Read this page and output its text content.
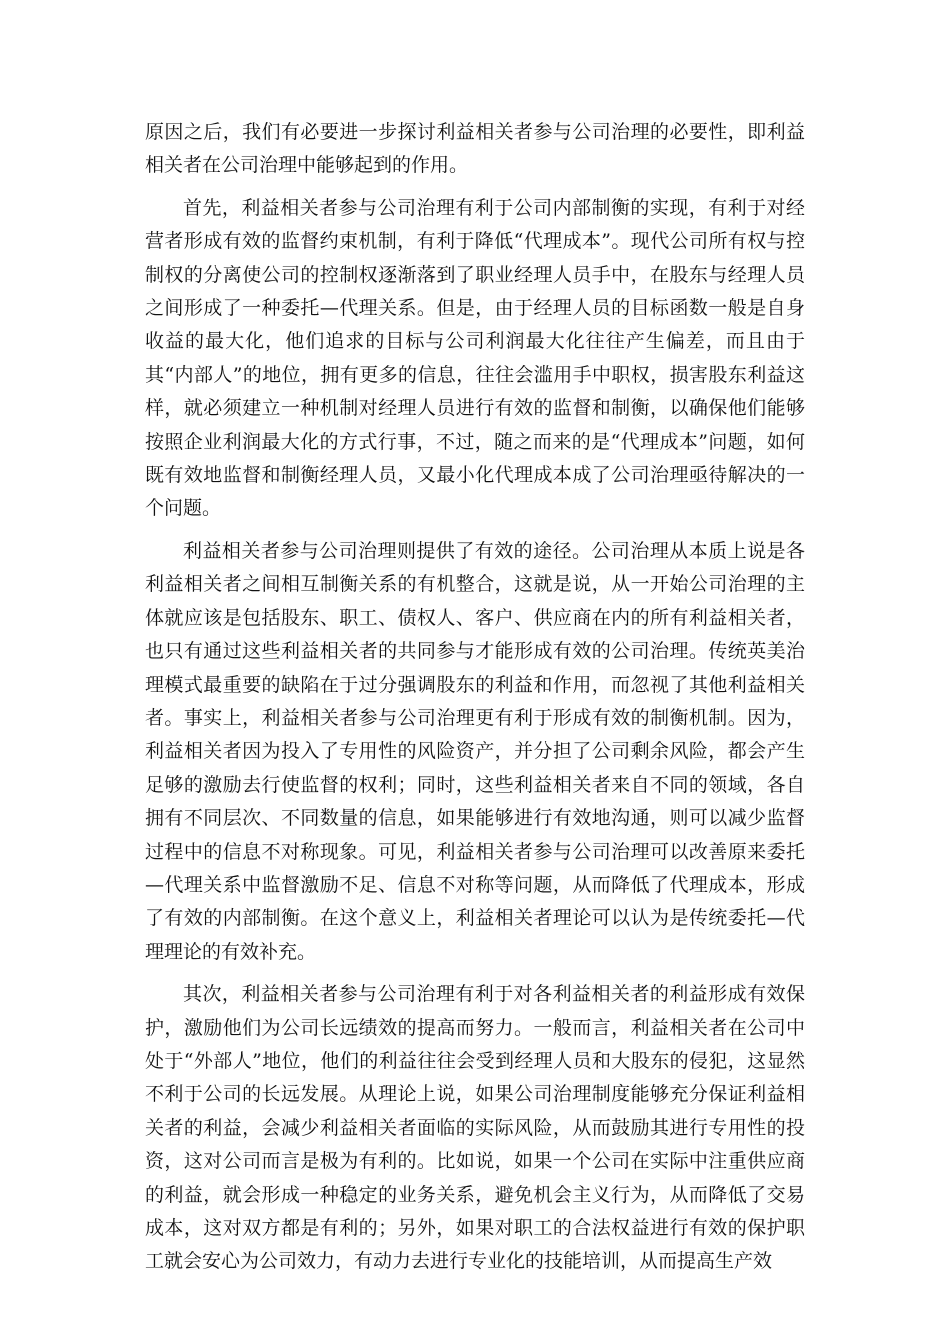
原因之后，我们有必要进一步探讨利益相关者参与公司治理的必要性，即利益相关者在公司治理中能够起到的作用。

首先，利益相关者参与公司治理有利于公司内部制衡的实现，有利于对经营者形成有效的监督约束机制，有利于降低“代理成本”。现代公司所有权与控制权的分离使公司的控制权逐渐落到了职业经理人员手中，在股东与经理人员之间形成了一种委托—代理关系。但是，由于经理人员的目标函数一般是自身收益的最大化，他们追求的目标与公司利润最大化往往产生偏差，而且由于其“内部人”的地位，拥有更多的信息，往往会滥用手中职权，损害股东利益这样，就必须建立一种机制对经理人员进行有效的监督和制衡，以确保他们能够按照企业利润最大化的方式行事，不过，随之而来的是“代理成本”问题，如何既有效地监督和制衡经理人员，又最小化代理成本成了公司治理亟待解决的一个问题。

利益相关者参与公司治理则提供了有效的途径。公司治理从本质上说是各利益相关者之间相互制衡关系的有机整合，这就是说，从一开始公司治理的主体就应该是包括股东、职工、债权人、客户、供应商在内的所有利益相关者，也只有通过这些利益相关者的共同参与才能形成有效的公司治理。传统英美治理模式最重要的缺陷在于过分强调股东的利益和作用，而忽视了其他利益相关者。事实上，利益相关者参与公司治理更有利于形成有效的制衡机制。因为，利益相关者因为投入了专用性的风险资产，并分担了公司剩余风险，都会产生足够的激励去行使监督的权利；同时，这些利益相关者来自不同的领域，各自拥有不同层次、不同数量的信息，如果能够进行有效地沟通，则可以减少监督过程中的信息不对称现象。可见，利益相关者参与公司治理可以改善原来委托—代理关系中监督激励不足、信息不对称等问题，从而降低了代理成本，形成了有效的内部制衡。在这个意义上，利益相关者理论可以认为是传统委托—代理理论的有效补充。

其次，利益相关者参与公司治理有利于对各利益相关者的利益形成有效保护，激励他们为公司长远绩效的提高而努力。一般而言，利益相关者在公司中处于“外部人”地位，他们的利益往往会受到经理人员和大股东的侵犯，这显然不利于公司的长远发展。从理论上说，如果公司治理制度能够充分保证利益相关者的利益，会减少利益相关者面临的实际风险，从而鼓励其进行专用性的投资，这对公司而言是极为有利的。比如说，如果一个公司在实际中注重供应商的利益，就会形成一种稳定的业务关系，避免机会主义行为，从而降低了交易成本，这对双方都是有利的；另外，如果对职工的合法权益进行有效的保护职工就会安心为公司效力，有动力去进行专业化的技能培训，从而提高生产效
